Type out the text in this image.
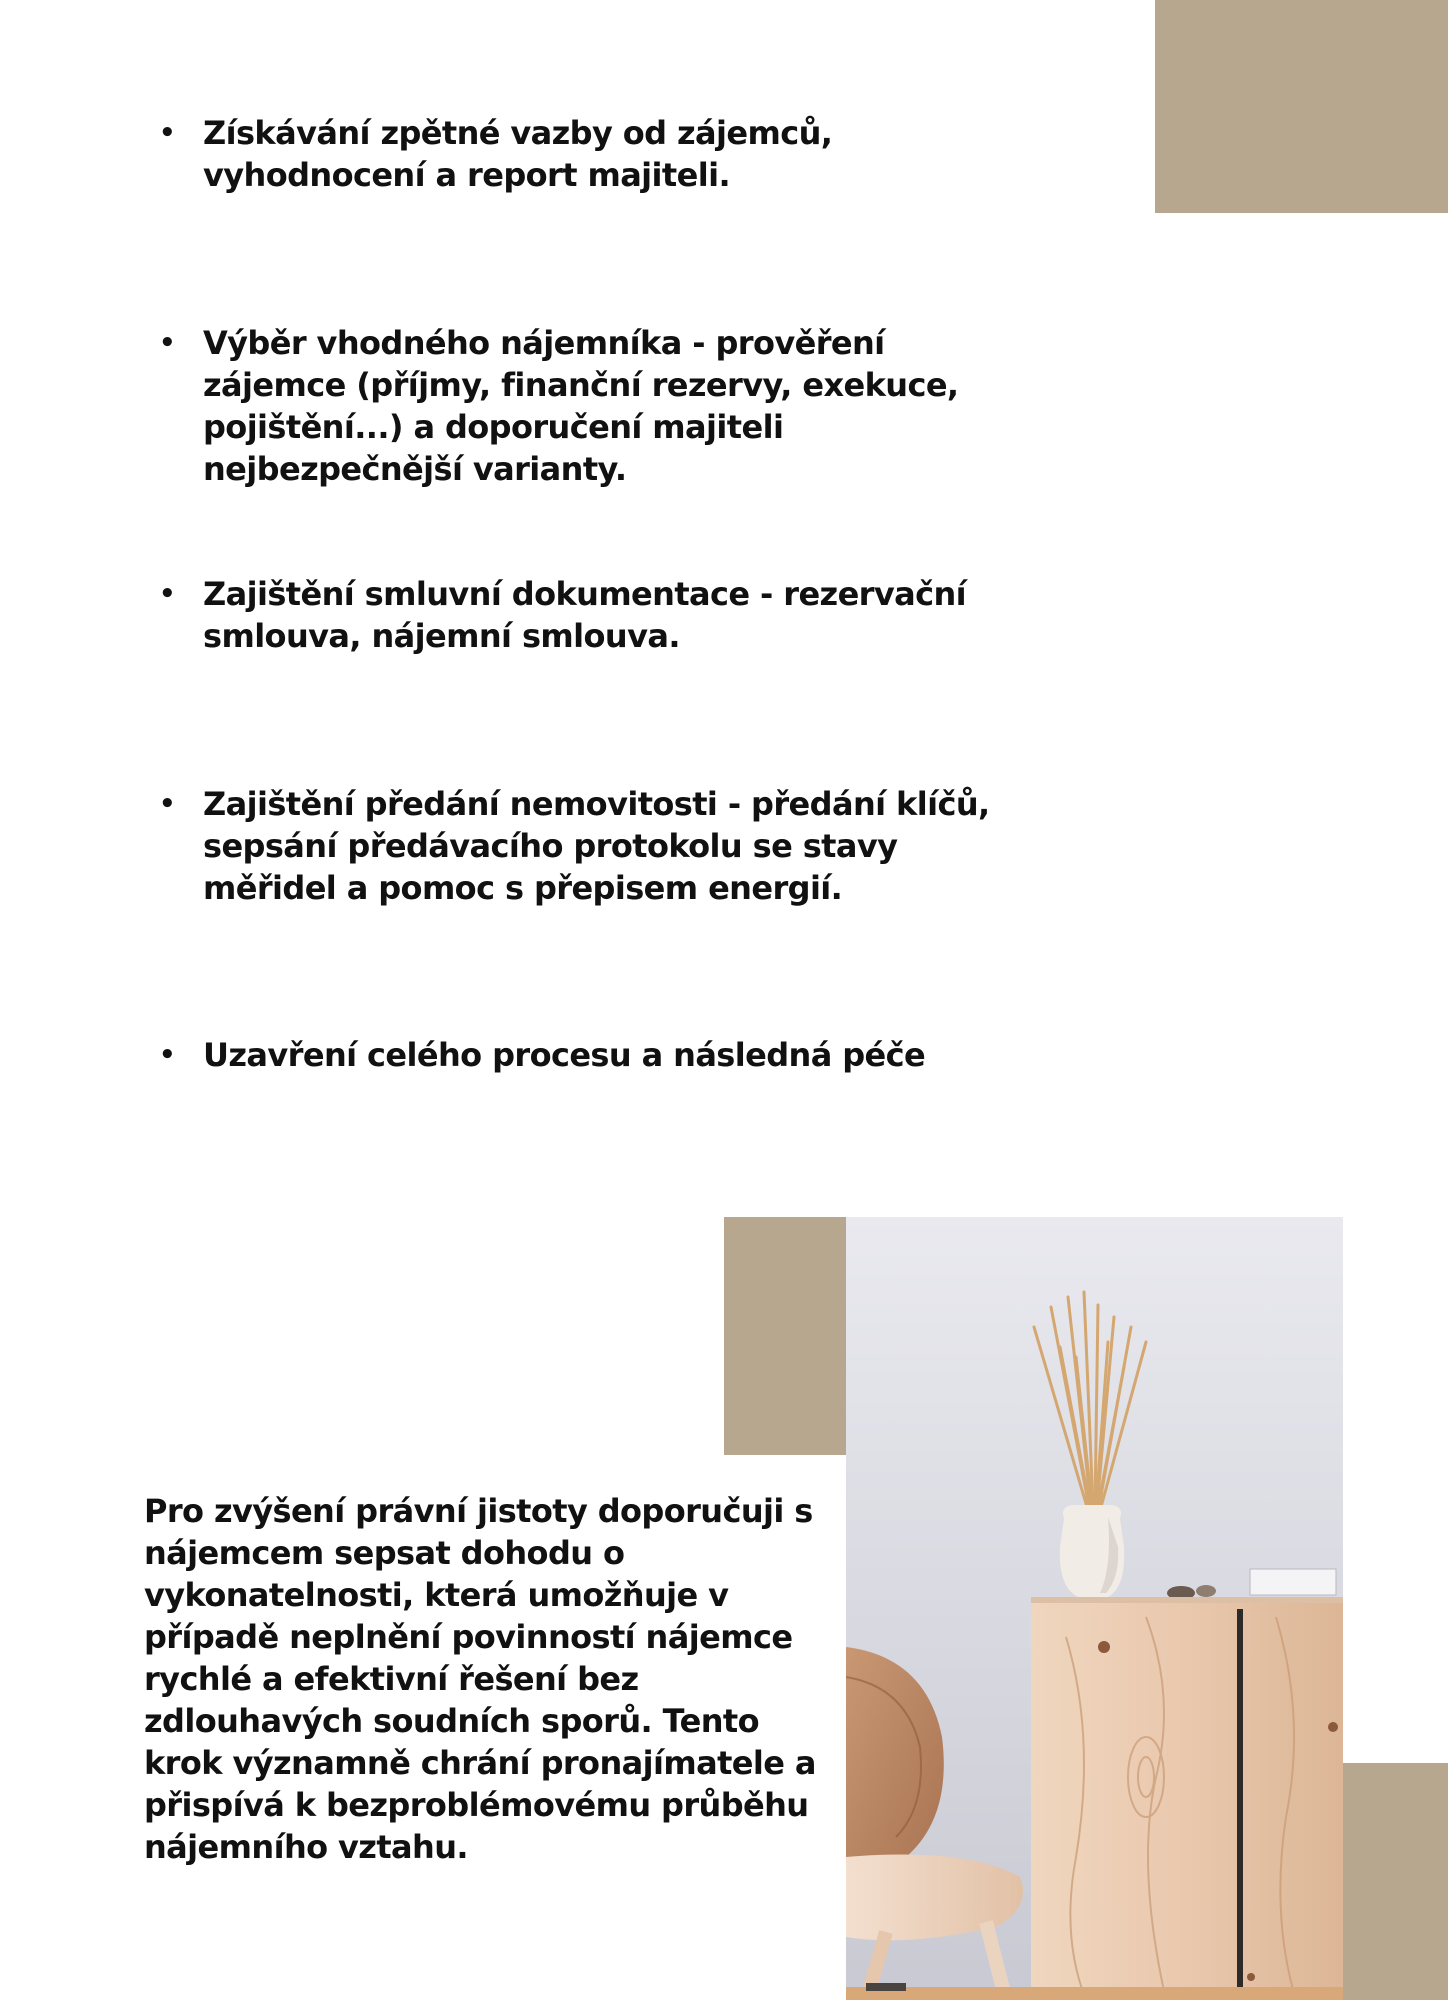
• Získávání zpětné vazby od zájemců, vyhodnocení a report majiteli.
• Výběr vhodného nájemníka - prověření zájemce (příjmy, finanční rezervy, exekuce, pojištění...) a doporučení majiteli nejbezpečnější varianty.
• Zajištění smluvní dokumentace - rezervační smlouva, nájemní smlouva.
• Zajištění předání nemovitosti - předání klíčů, sepsání předávacího protokolu se stavy měřidel a pomoc s přepisem energií.
• Uzavření celého procesu a následná péče

Pro zvýšení právní jistoty doporučuji s nájemcem sepsat dohodu o vykonatelnosti, která umožňuje v případě neplnění povinností nájemce rychlé a efektivní řešení bez zdlouhavých soudních sporů. Tento krok významně chrání pronajímatele a přispívá k bezproblémovému průběhu nájemního vztahu.
